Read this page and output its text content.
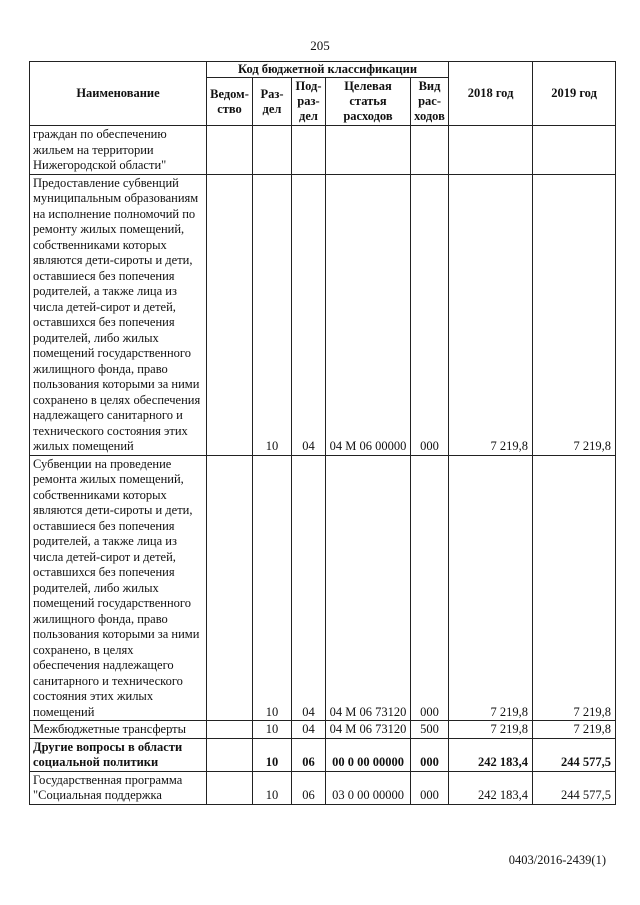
205
Наименование	Код бюджетной классификации					2018 год	2019 год
	Ведом-ство	Раз-дел	Под-раз-дел	Целевая статья расходов	Вид рас-ходов		
граждан по обеспечению жильем на территории Нижегородской области"							
Предоставление субвенций муниципальным образованиям на исполнение полномочий по ремонту жилых помещений, собственниками которых являются дети-сироты и дети, оставшиеся без попечения родителей, а также лица из числа детей-сирот и детей, оставшихся без попечения родителей, либо жилых помещений государственного жилищного фонда, право пользования которыми за ними сохранено в целях обеспечения надлежащего санитарного и технического состояния этих жилых помещений		10	04	04 М 06 00000	000	7 219,8	7 219,8
Субвенции на проведение ремонта жилых помещений, собственниками которых являются дети-сироты и дети, оставшиеся без попечения родителей, а также лица из числа детей-сирот и детей, оставшихся без попечения родителей, либо жилых помещений государственного жилищного фонда, право пользования которыми за ними сохранено, в целях обеспечения надлежащего санитарного и технического состояния этих жилых помещений		10	04	04 М 06 73120	000	7 219,8	7 219,8
Межбюджетные трансферты		10	04	04 М 06 73120	500	7 219,8	7 219,8
Другие вопросы в области социальной политики		10	06	00 0 00 00000	000	242 183,4	244 577,5
Государственная программа "Социальная поддержка		10	06	03 0 00 00000	000	242 183,4	244 577,5
0403/2016-2439(1)
